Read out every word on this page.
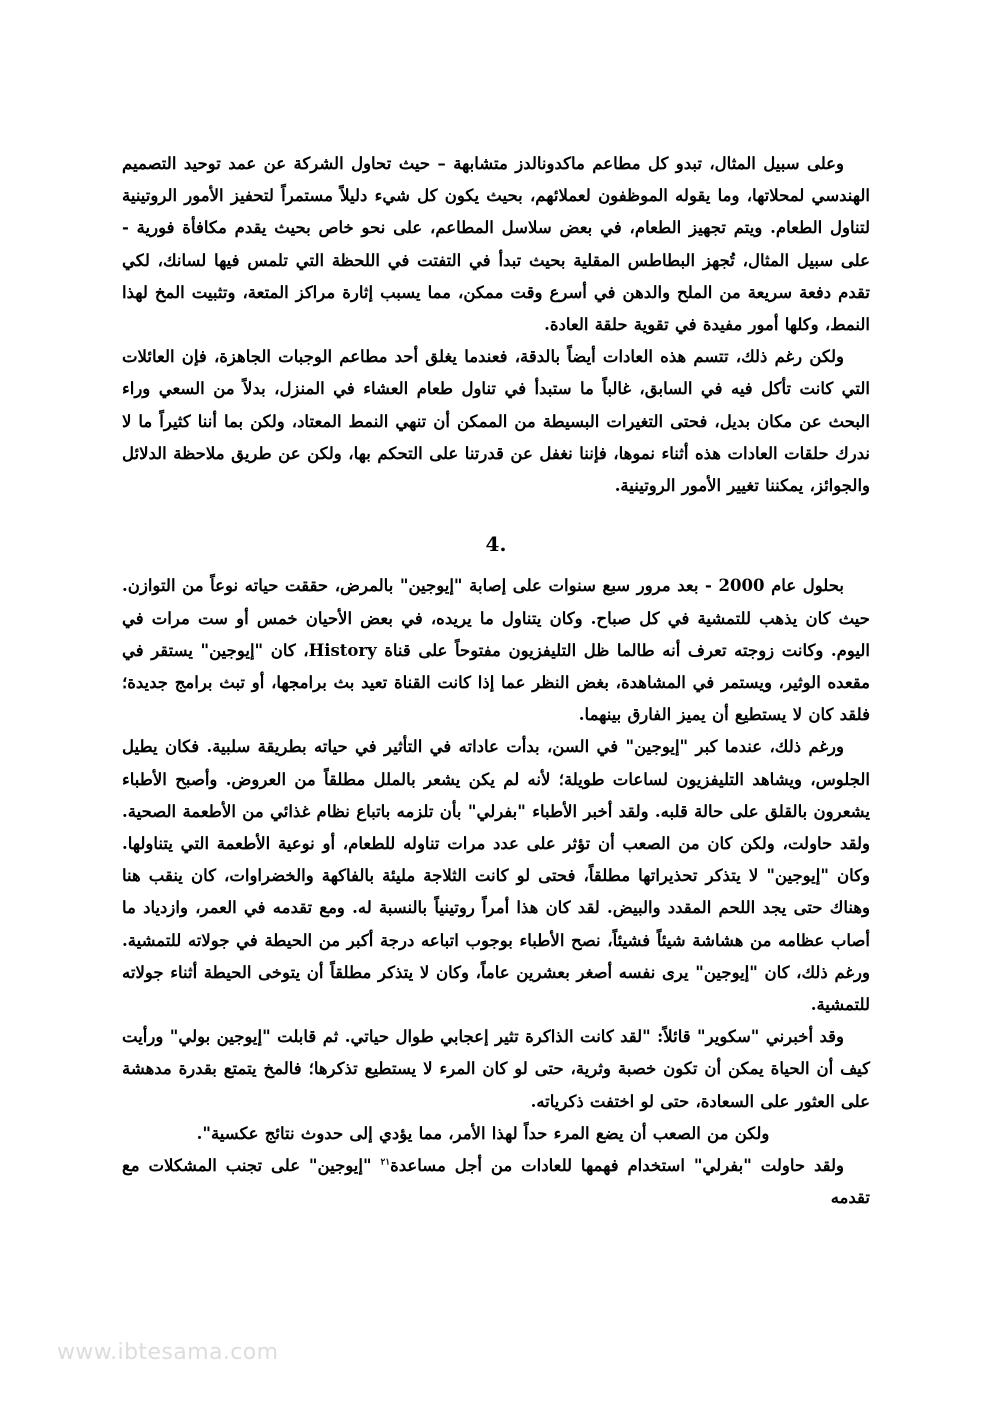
وعلى سبيل المثال، تبدو كل مطاعم ماكدونالدز متشابهة – حيث تحاول الشركة عن عمد توحيد التصميم الهندسي لمحلاتها، وما يقوله الموظفون لعملائهم، بحيث يكون كل شيء دليلاً مستمراً لتحفيز الأمور الروتينية لتناول الطعام. ويتم تجهيز الطعام، في بعض سلاسل المطاعم، على نحو خاص بحيث يقدم مكافأة فورية - على سبيل المثال، تُجهز البطاطس المقلية بحيث تبدأ في التفتت في اللحظة التي تلمس فيها لسانك، لكي تقدم دفعة سريعة من الملح والدهن في أسرع وقت ممكن، مما يسبب إثارة مراكز المتعة، وتثبيت المخ لهذا النمط، وكلها أمور مفيدة في تقوية حلقة العادة.

ولكن رغم ذلك، تتسم هذه العادات أيضاً بالدقة، فعندما يغلق أحد مطاعم الوجبات الجاهزة، فإن العائلات التي كانت تأكل فيه في السابق، غالباً ما ستبدأ في تناول طعام العشاء في المنزل، بدلاً من السعي وراء البحث عن مكان بديل، فحتى التغيرات البسيطة من الممكن أن تنهي النمط المعتاد، ولكن بما أننا كثيراً ما لا ندرك حلقات العادات هذه أثناء نموها، فإننا نغفل عن قدرتنا على التحكم بها، ولكن عن طريق ملاحظة الدلائل والجوائز، يمكننا تغيير الأمور الروتينية.

4.

بحلول عام 2000 - بعد مرور سبع سنوات على إصابة "إيوجين" بالمرض، حققت حياته نوعاً من التوازن. حيث كان يذهب للتمشية في كل صباح. وكان يتناول ما يريده، في بعض الأحيان خمس أو ست مرات في اليوم. وكانت زوجته تعرف أنه طالما ظل التليفزيون مفتوحاً على قناة History، كان "إيوجين" يستقر في مقعده الوثير، ويستمر في المشاهدة، بغض النظر عما إذا كانت القناة تعيد بث برامجها، أو تبث برامج جديدة؛ فلقد كان لا يستطيع أن يميز الفارق بينهما.

ورغم ذلك، عندما كبر "إيوجين" في السن، بدأت عاداته في التأثير في حياته بطريقة سلبية. فكان يطيل الجلوس، ويشاهد التليفزيون لساعات طويلة؛ لأنه لم يكن يشعر بالملل مطلقاً من العروض. وأصبح الأطباء يشعرون بالقلق على حالة قلبه. ولقد أخبر الأطباء "بفرلي" بأن تلزمه باتباع نظام غذائي من الأطعمة الصحية. ولقد حاولت، ولكن كان من الصعب أن تؤثر على عدد مرات تناوله للطعام، أو نوعية الأطعمة التي يتناولها. وكان "إيوجين" لا يتذكر تحذيراتها مطلقاً، فحتى لو كانت الثلاجة مليئة بالفاكهة والخضراوات، كان ينقب هنا وهناك حتى يجد اللحم المقدد والبيض. لقد كان هذا أمراً روتينياً بالنسبة له. ومع تقدمه في العمر، وازدياد ما أصاب عظامه من هشاشة شيئاً فشيئاً، نصح الأطباء بوجوب اتباعه درجة أكبر من الحيطة في جولاته للتمشية. ورغم ذلك، كان "إيوجين" يرى نفسه أصغر بعشرين عاماً، وكان لا يتذكر مطلقاً أن يتوخى الحيطة أثناء جولاته للتمشية.

وقد أخبرني "سكوير" قائلاً: "لقد كانت الذاكرة تثير إعجابي طوال حياتي. ثم قابلت "إيوجين بولي" ورأيت كيف أن الحياة يمكن أن تكون خصبة وثرية، حتى لو كان المرء لا يستطيع تذكرها؛ فالمخ يتمتع بقدرة مدهشة على العثور على السعادة، حتى لو اختفت ذكرياته.

ولكن من الصعب أن يضع المرء حداً لهذا الأمر، مما يؤدي إلى حدوث نتائج عكسية".

ولقد حاولت "بفرلي" استخدام فهمها للعادات من أجل مساعدة$^{٢١}$ "إيوجين" على تجنب المشكلات مع تقدمه

www.ibtesama.com
